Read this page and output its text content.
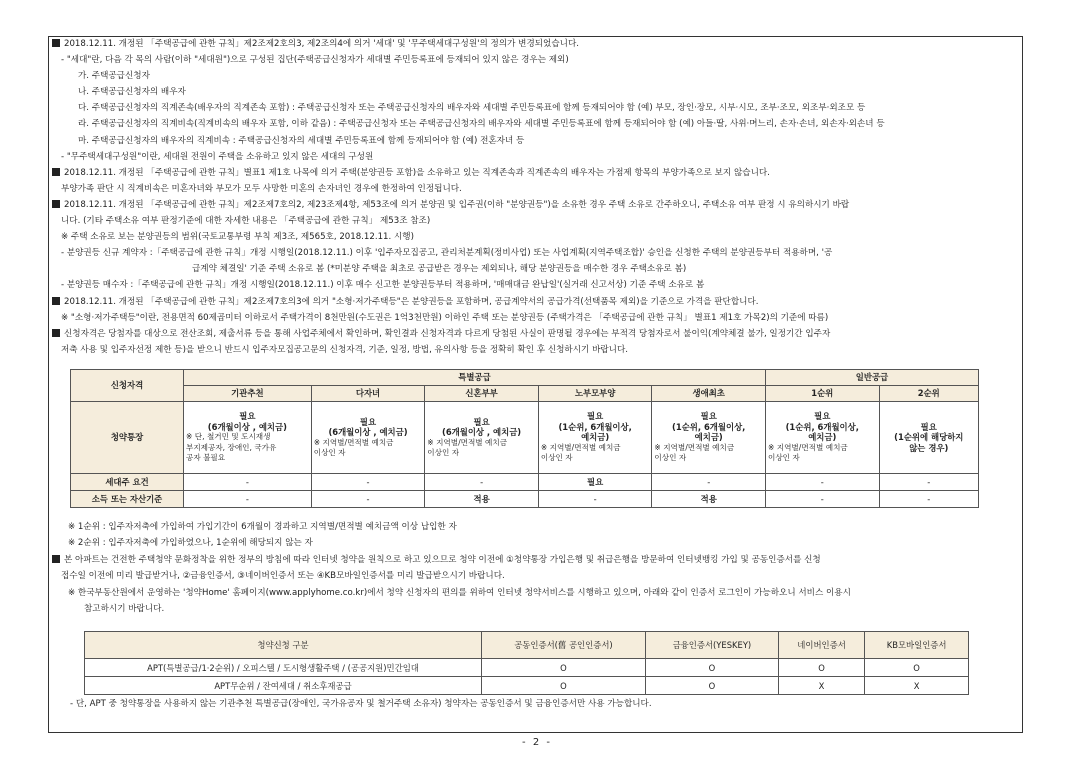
2018.12.11. 개정된 「주택공급에 관한 규칙」제2조제2호의3, 제2조의4에 의거 '세대' 및 '무주택세대구성원'의 정의가 변경되었습니다.
- "세대"란, 다음 각 목의 사람(이하 "세대원")으로 구성된 집단(주택공급신청자가 세대별 주민등록표에 등재되어 있지 않은 경우는 제외)
가. 주택공급신청자
나. 주택공급신청자의 배우자
다. 주택공급신청자의 직계존속(배우자의 직계존속 포함) : 주택공급신청자 또는 주택공급신청자의 배우자와 세대별 주민등록표에 함께 등재되어야 함 (예) 부모, 장인·장모, 시부·시모, 조부·조모, 외조부·외조모 등
라. 주택공급신청자의 직계비속(직계비속의 배우자 포함, 이하 같음) : 주택공급신청자 또는 주택공급신청자의 배우자와 세대별 주민등록표에 함께 등재되어야 함 (예) 아들·딸, 사위·며느리, 손자·손녀, 외손자·외손녀 등
마. 주택공급신청자의 배우자의 직계비속 : 주택공급신청자의 세대별 주민등록표에 함께 등재되어야 함 (예) 전혼자녀 등
- "무주택세대구성원"이란, 세대원 전원이 주택을 소유하고 있지 않은 세대의 구성원
2018.12.11. 개정된 「주택공급에 관한 규칙」별표1 제1호 나목에 의거 주택(분양권등 포함)을 소유하고 있는 직계존속과 직계존속의 배우자는 가점제 항목의 부양가족으로 보지 않습니다.
부양가족 판단 시 직계비속은 미혼자녀와 부모가 모두 사망한 미혼의 손자녀인 경우에 한정하여 인정됩니다.
2018.12.11. 개정된 「주택공급에 관한 규칙」제2조제7호의2, 제23조제4항, 제53조에 의거 분양권 및 입주권(이하 "분양권등")을 소유한 경우 주택 소유로 간주하오니, 주택소유 여부 판정 시 유의하시기 바랍
니다. (기타 주택소유 여부 판정기준에 대한 자세한 내용은 「주택공급에 관한 규칙」 제53조 참조)
※ 주택 소유로 보는 분양권등의 범위(국토교통부령 부칙 제3조, 제565호, 2018.12.11. 시행)
- 분양권등 신규 계약자 :「주택공급에 관한 규칙」개정 시행일(2018.12.11.) 이후 '입주자모집공고, 관리처분계획(정비사업) 또는 사업계획(지역주택조합)' 승인을 신청한 주택의 분양권등부터 적용하며, '공
급계약 체결일' 기준 주택 소유로 봄 (*미분양 주택을 최초로 공급받은 경우는 제외되나, 해당 분양권등을 매수한 경우 주택소유로 봄)
- 분양권등 매수자 :「주택공급에 관한 규칙」개정 시행일(2018.12.11.) 이후 매수 신고한 분양권등부터 적용하며, '매매대금 완납일'(실거래 신고서상) 기준 주택 소유로 봄
2018.12.11. 개정된 「주택공급에 관한 규칙」제2조제7호의3에 의거 "소형·저가주택등"은 분양권등을 포함하며, 공급계약서의 공급가격(선택품목 제외)을 기준으로 가격을 판단합니다.
※ "소형·저가주택등"이란, 전용면적 60제곱미터 이하로서 주택가격이 8천만원(수도권은 1억3천만원) 이하인 주택 또는 분양권등 (주택가격은 「주택공급에 관한 규칙」 별표1 제1호 가목2)의 기준에 따름)
신청자격은 당첨자를 대상으로 전산조회, 제출서류 등을 통해 사업주체에서 확인하며, 확인결과 신청자격과 다르게 당첨된 사실이 판명될 경우에는 부적격 당첨자로서 불이익(계약체결 불가, 일정기간 입주자
저축 사용 및 입주자선정 제한 등)을 받으니 반드시 입주자모집공고문의 신청자격, 기준, 일정, 방법, 유의사항 등을 정확히 확인 후 신청하시기 바랍니다.
신청자격	특별공급					일반공급	
	기관추천	다자녀	신혼부부	노부모부양	생애최초	1순위	2순위
청약통장	필요
(6개월이상 , 예치금)
※ 단, 철거민 및 도시재생
부지제공자, 장애인, 국가유
공자 불필요	필요
(6개월이상 , 예치금)
※ 지역별/면적별 예치금
이상인 자	필요
(6개월이상 , 예치금)
※ 지역별/면적별 예치금
이상인 자	필요
(1순위, 6개월이상,
예치금)
※ 지역별/면적별 예치금
이상인 자	필요
(1순위, 6개월이상,
예치금)
※ 지역별/면적별 예치금
이상인 자	필요
(1순위, 6개월이상,
예치금)
※ 지역별/면적별 예치금
이상인 자	필요
(1순위에 해당하지
않는 경우)

세대주 요건	-	-	-	필요	-	-	-
소득 또는 자산기준	-	-	적용	-	적용	-	-
※ 1순위 : 입주자저축에 가입하여 가입기간이 6개월이 경과하고 지역별/면적별 예치금액 이상 납입한 자
※ 2순위 : 입주자저축에 가입하였으나, 1순위에 해당되지 않는 자
본 아파트는 건전한 주택청약 문화정착을 위한 정부의 방침에 따라 인터넷 청약을 원칙으로 하고 있으므로 청약 이전에 ①청약통장 가입은행 및 취급은행을 방문하여 인터넷뱅킹 가입 및 공동인증서를 신청
접수일 이전에 미리 발급받거나, ②금융인증서, ③네이버인증서 또는 ④KB모바일인증서를 미리 발급받으시기 바랍니다.
※ 한국부동산원에서 운영하는 '청약Home' 홈페이지(www.applyhome.co.kr)에서 청약 신청자의 편의를 위하여 인터넷 청약서비스를 시행하고 있으며, 아래와 같이 인증서 로그인이 가능하오니 서비스 이용시
참고하시기 바랍니다.
청약신청 구분	공동인증서(舊 공인인증서)	금융인증서(YESKEY)	네이버인증서	KB모바일인증서
APT(특별공급/1·2순위) / 오피스텔 / 도시형생활주택 / (공공지원)민간임대	O	O	O	O
APT무순위 / 잔여세대 / 취소후재공급	O	O	X	X
- 단, APT 중 청약통장을 사용하지 않는 기관추천 특별공급(장애인, 국가유공자 및 철거주택 소유자) 청약자는 공동인증서 및 금융인증서만 사용 가능합니다.
- 2 -
